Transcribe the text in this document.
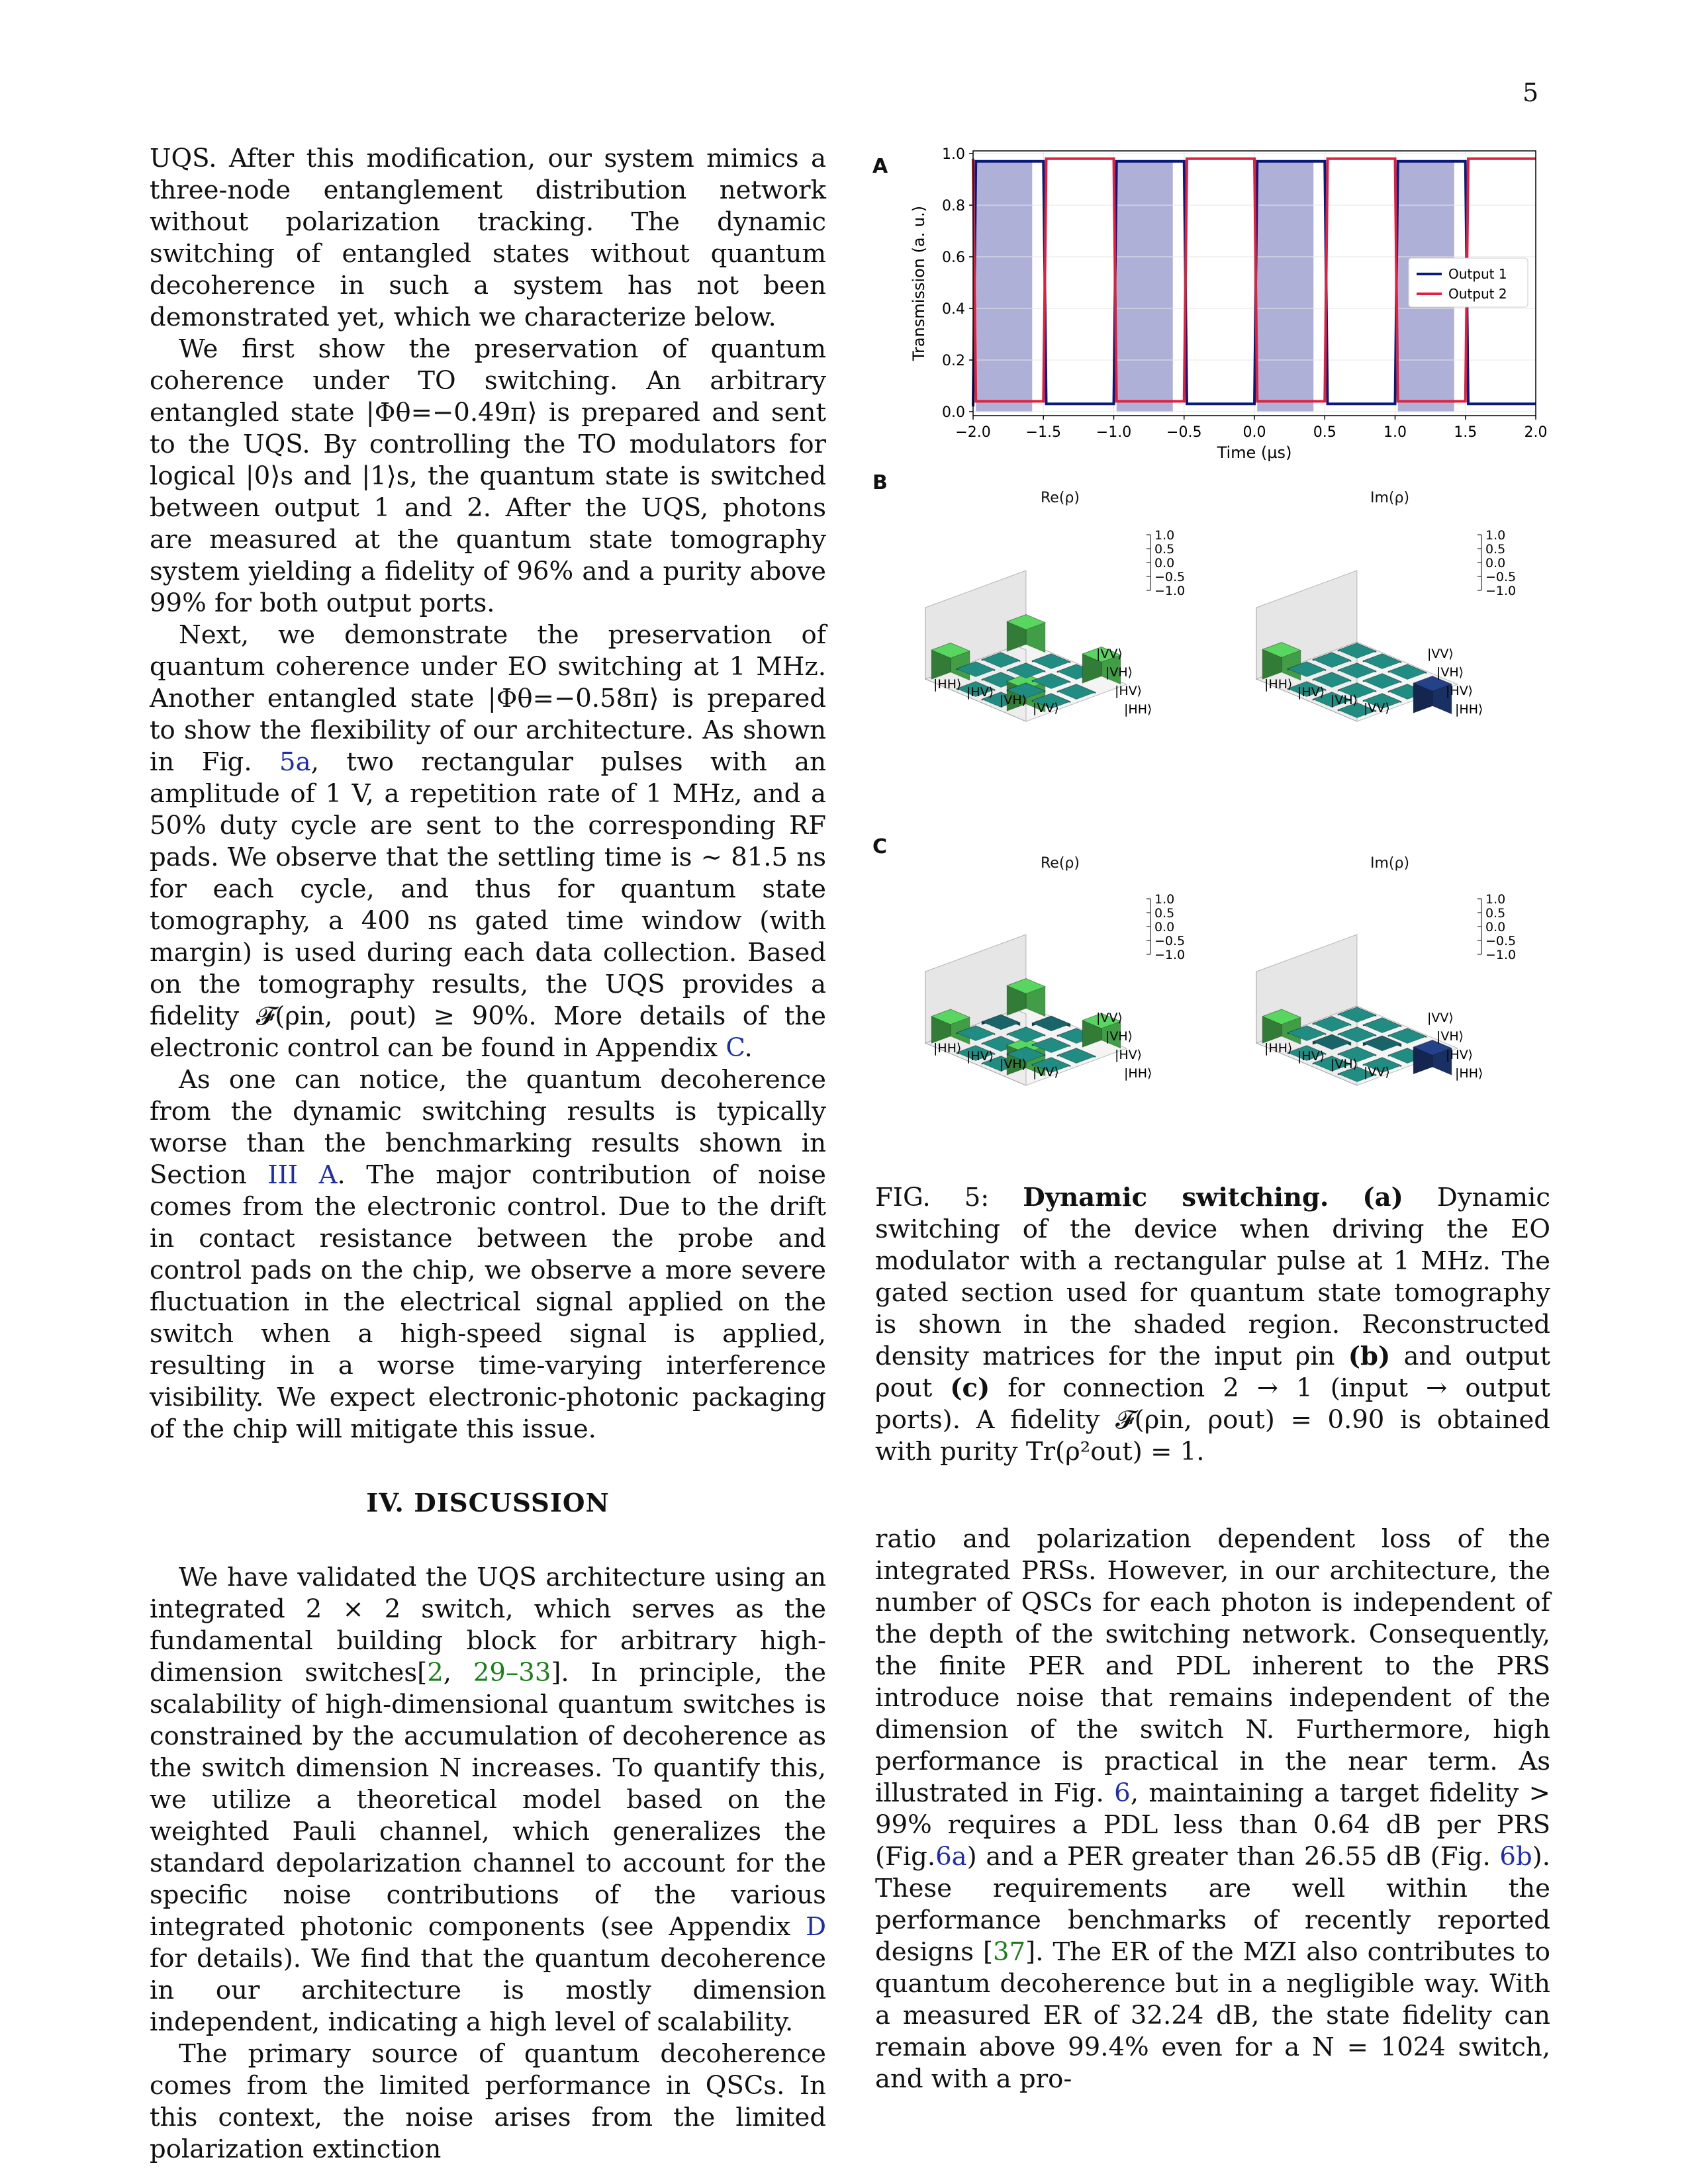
5

UQS. After this modification, our system mimics a three-node entanglement distribution network without polarization tracking. The dynamic switching of entangled states without quantum decoherence in such a system has not been demonstrated yet, which we characterize below.

We first show the preservation of quantum coherence under TO switching. An arbitrary entangled state |Φθ=−0.49π⟩ is prepared and sent to the UQS. By controlling the TO modulators for logical |0⟩s and |1⟩s, the quantum state is switched between output 1 and 2. After the UQS, photons are measured at the quantum state tomography system yielding a fidelity of 96% and a purity above 99% for both output ports.

Next, we demonstrate the preservation of quantum coherence under EO switching at 1 MHz. Another entangled state |Φθ=−0.58π⟩ is prepared to show the flexibility of our architecture. As shown in Fig. 5a, two rectangular pulses with an amplitude of 1 V, a repetition rate of 1 MHz, and a 50% duty cycle are sent to the corresponding RF pads. We observe that the settling time is ∼ 81.5 ns for each cycle, and thus for quantum state tomography, a 400 ns gated time window (with margin) is used during each data collection. Based on the tomography results, the UQS provides a fidelity 𝓕(ρin, ρout) ≥ 90%. More details of the electronic control can be found in Appendix C.

As one can notice, the quantum decoherence from the dynamic switching results is typically worse than the benchmarking results shown in Section III A. The major contribution of noise comes from the electronic control. Due to the drift in contact resistance between the probe and control pads on the chip, we observe a more severe fluctuation in the electrical signal applied on the switch when a high-speed signal is applied, resulting in a worse time-varying interference visibility. We expect electronic-photonic packaging of the chip will mitigate this issue.

IV. DISCUSSION

We have validated the UQS architecture using an integrated 2 × 2 switch, which serves as the fundamental building block for arbitrary high-dimension switches[2, 29–33]. In principle, the scalability of high-dimensional quantum switches is constrained by the accumulation of decoherence as the switch dimension N increases. To quantify this, we utilize a theoretical model based on the weighted Pauli channel, which generalizes the standard depolarization channel to account for the specific noise contributions of the various integrated photonic components (see Appendix D for details). We find that the quantum decoherence in our architecture is mostly dimension independent, indicating a high level of scalability.

The primary source of quantum decoherence comes from the limited performance in QSCs. In this context, the noise arises from the limited polarization extinction

ratio and polarization dependent loss of the integrated PRSs. However, in our architecture, the number of QSCs for each photon is independent of the depth of the switching network. Consequently, the finite PER and PDL inherent to the PRS introduce noise that remains independent of the dimension of the switch N. Furthermore, high performance is practical in the near term. As illustrated in Fig. 6, maintaining a target fidelity > 99% requires a PDL less than 0.64 dB per PRS (Fig.6a) and a PER greater than 26.55 dB (Fig. 6b). These requirements are well within the performance benchmarks of recently reported designs [37]. The ER of the MZI also contributes to quantum decoherence but in a negligible way. With a measured ER of 32.24 dB, the state fidelity can remain above 99.4% even for a N = 1024 switch, and with a pro-

A
0.0
0.2
0.4
0.6
0.8
1.0
−2.0 −1.5 −1.0 −0.5	0.0	0.5	1.0	1.5	2.0
Time (µs)
Transmission (a. u.)	Output 1
Output 2
B
C
Re(ρ)	Im(ρ)
Re(ρ)	Im(ρ)
1.0
0.5
0.0
−0.5
−1.0
|HH⟩
|HV⟩
|VH⟩
|VV⟩	|HH⟩
|HV⟩
|VH⟩
|VV⟩
1.0
0.5
0.0
−0.5
−1.0
|HH⟩
|HV⟩
|VH⟩
|VV⟩	|HH⟩
|HV⟩
|VH⟩
|VV⟩
1.0
0.5
0.0
−0.5
−1.0
|HH⟩
|HV⟩
|VH⟩
|VV⟩	|HH⟩
|HV⟩
|VH⟩
|VV⟩
1.0
0.5
0.0
−0.5
−1.0
|HH⟩
|HV⟩
|VH⟩
|VV⟩	|HH⟩
|HV⟩
|VH⟩
|VV⟩
FIG. 5: Dynamic switching. (a) Dynamic switching of the device when driving the EO modulator with a rectangular pulse at 1 MHz. The gated section used for quantum state tomography is shown in the shaded region. Reconstructed density matrices for the input ρin (b) and output ρout (c) for connection 2 → 1 (input → output ports). A fidelity 𝓕(ρin, ρout) = 0.90 is obtained with purity Tr(ρ²out) = 1.
